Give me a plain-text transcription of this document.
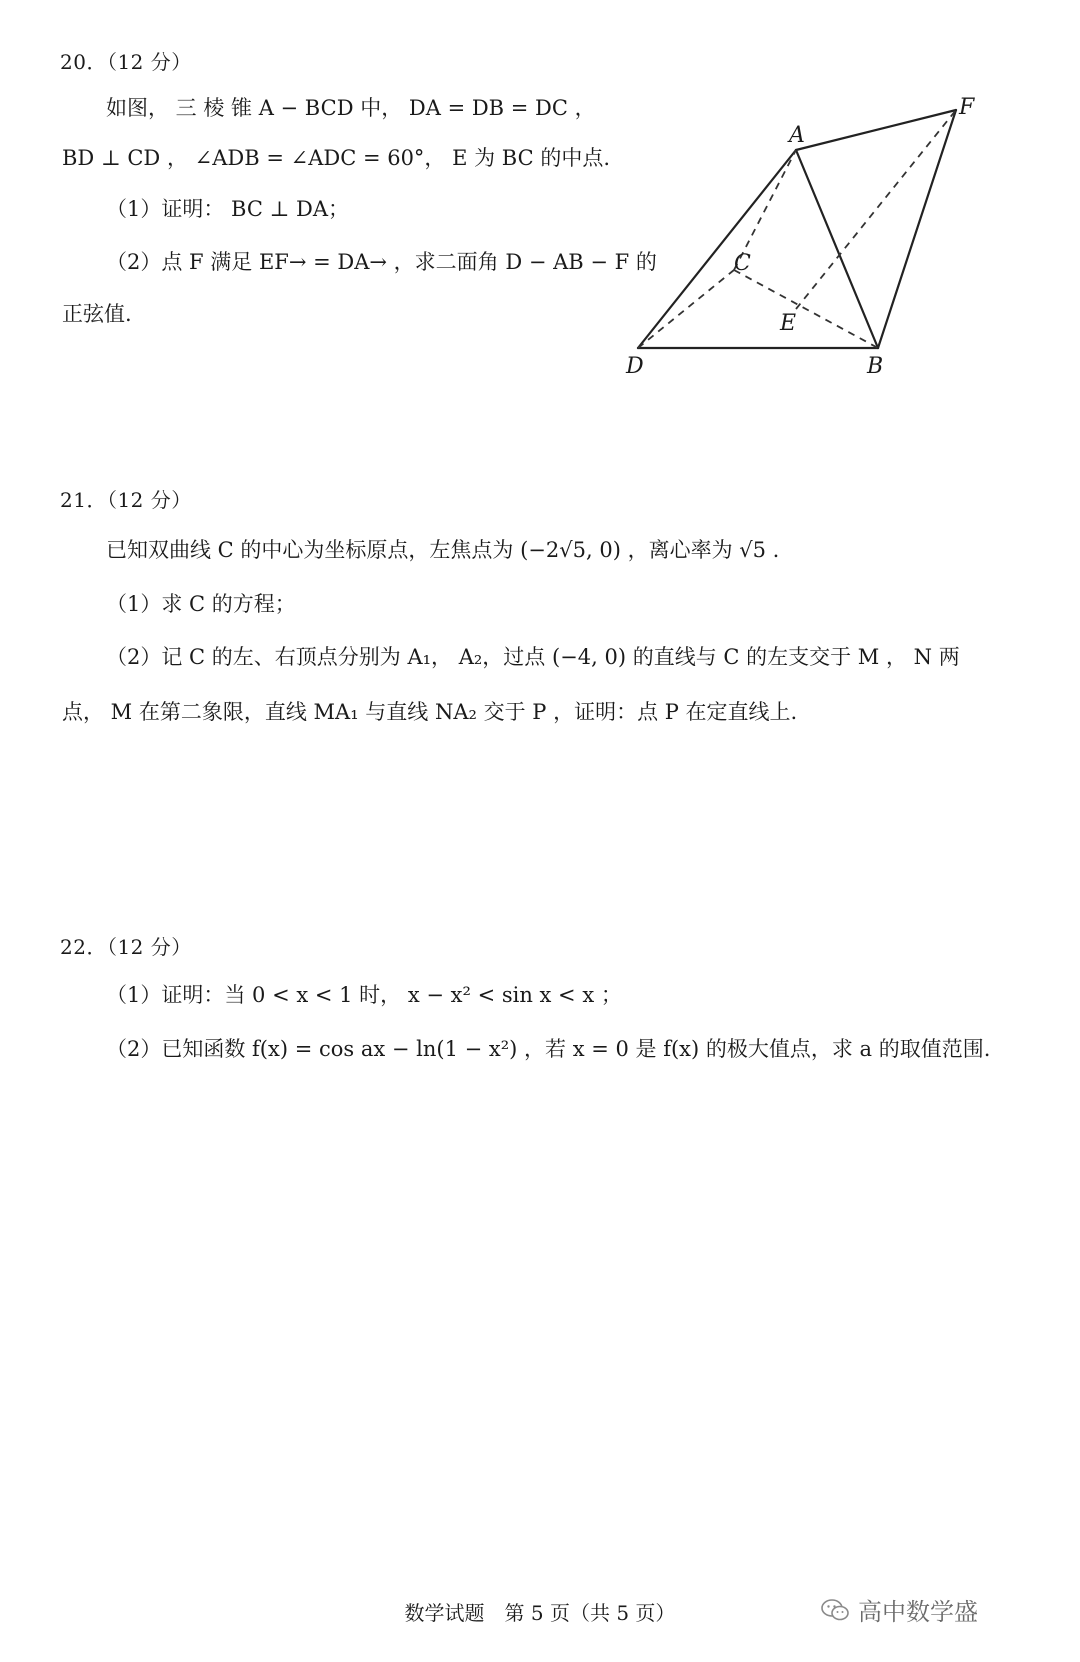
20．（12 分）
如图， 三 棱 锥 A − BCD 中， DA = DB = DC ，
BD ⊥ CD ， ∠ADB = ∠ADC = 60°， E 为 BC 的中点.
（1）证明： BC ⊥ DA；
（2）点 F 满足 EF→ = DA→ ，求二面角 D − AB − F 的
正弦值.
A
B
C
D
E
F
21．（12 分）
已知双曲线 C 的中心为坐标原点，左焦点为 (−2√5, 0) ，离心率为 √5 .
（1）求 C 的方程；
（2）记 C 的左、右顶点分别为 A₁， A₂，过点 (−4, 0) 的直线与 C 的左支交于 M ， N 两
点， M 在第二象限，直线 MA₁ 与直线 NA₂ 交于 P ，证明：点 P 在定直线上.
22．（12 分）
（1）证明：当 0 < x < 1 时， x − x² < sin x < x ；
（2）已知函数 f(x) = cos ax − ln(1 − x²) ，若 x = 0 是 f(x) 的极大值点，求 a 的取值范围.
数学试题　第 5 页（共 5 页）	高中数学盛
